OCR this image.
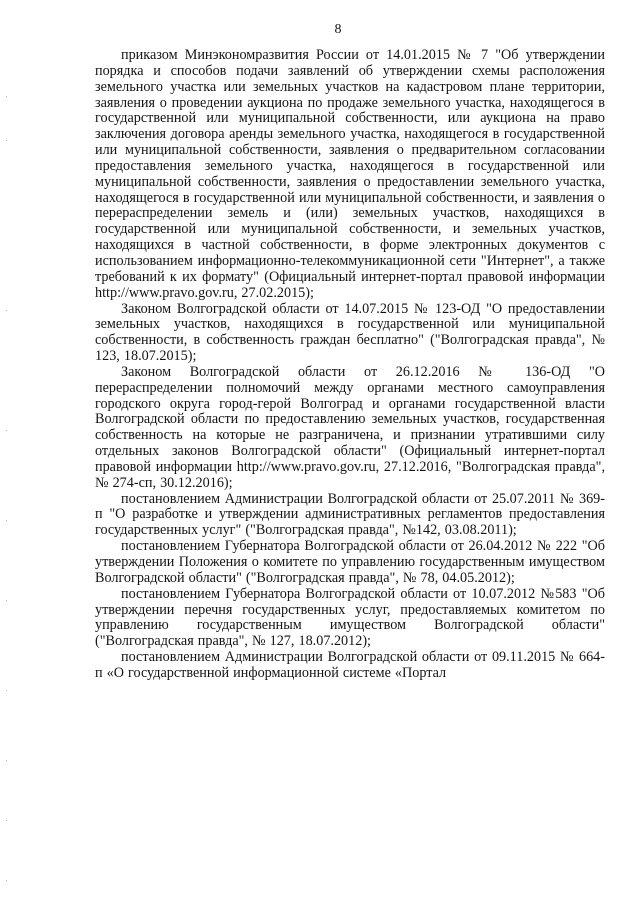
8

приказом Минэкономразвития России от 14.01.2015 № 7 "Об утверждении порядка и способов подачи заявлений об утверждении схемы расположения земельного участка или земельных участков на кадастровом плане территории, заявления о проведении аукциона по продаже земельного участка, находящегося в государственной или муниципальной собственности, или аукциона на право заключения договора аренды земельного участка, находящегося в государственной или муниципальной собственности, заявления о предварительном согласовании предоставления земельного участка, находящегося в государственной или муниципальной собственности, заявления о предоставлении земельного участка, находящегося в государственной или муниципальной собственности, и заявления о перераспределении земель и (или) земельных участков, находящихся в государственной или муниципальной собственности, и земельных участков, находящихся в частной собственности, в форме электронных документов с использованием информационно-телекоммуникационной сети "Интернет", а также требований к их формату" (Официальный интернет-портал правовой информации http://www.pravo.gov.ru, 27.02.2015);

Законом Волгоградской области от 14.07.2015 № 123-ОД "О предоставлении земельных участков, находящихся в государственной или муниципальной собственности, в собственность граждан бесплатно" ("Волгоградская правда", № 123, 18.07.2015);

Законом Волгоградской области от 26.12.2016 № 136-ОД "О перераспределении полномочий между органами местного самоуправления городского округа город-герой Волгоград и органами государственной власти Волгоградской области по предоставлению земельных участков, государственная собственность на которые не разграничена, и признании утратившими силу отдельных законов Волгоградской области" (Официальный интернет-портал правовой информации http://www.pravo.gov.ru, 27.12.2016, "Волгоградская правда", № 274-сп, 30.12.2016);

постановлением Администрации Волгоградской области от 25.07.2011 № 369-п "О разработке и утверждении административных регламентов предоставления государственных услуг" ("Волгоградская правда", №142, 03.08.2011);

постановлением Губернатора Волгоградской области от 26.04.2012 № 222 "Об утверждении Положения о комитете по управлению государственным имуществом Волгоградской области" ("Волгоградская правда", № 78, 04.05.2012);

постановлением Губернатора Волгоградской области от 10.07.2012 №583 "Об утверждении перечня государственных услуг, предоставляемых комитетом по управлению государственным имуществом Волгоградской области" ("Волгоградская правда", № 127, 18.07.2012);

постановлением Администрации Волгоградской области от 09.11.2015 № 664-п «О государственной информационной системе «Портал
